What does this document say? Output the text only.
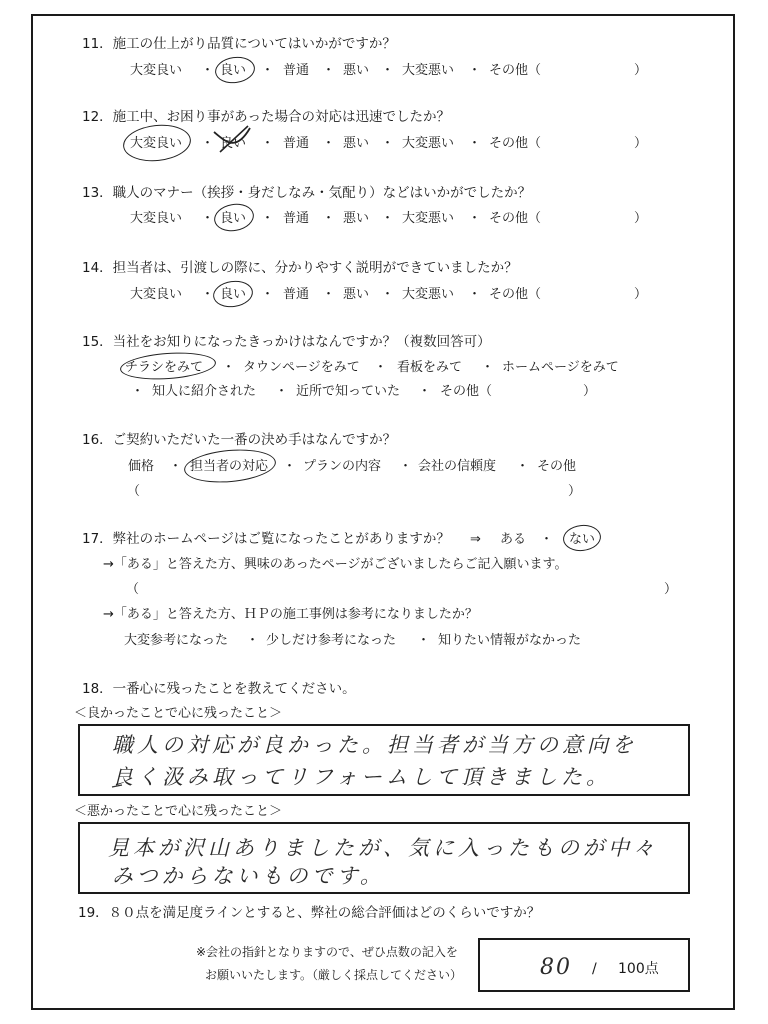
11．施工の仕上がり品質についてはいかがですか？
大変良い ・ 良い ・ 普通 ・ 悪い ・ 大変悪い ・ その他（	）
12．施工中、お困り事があった場合の対応は迅速でしたか？
大変良い ・ 良い ・ 普通 ・ 悪い ・ 大変悪い ・ その他（	）
13．職人のマナー（挨拶・身だしなみ・気配り）などはいかがでしたか？
大変良い ・ 良い ・ 普通 ・ 悪い ・ 大変悪い ・ その他（	）
14．担当者は、引渡しの際に、分かりやすく説明ができていましたか？
大変良い ・ 良い ・ 普通 ・ 悪い ・ 大変悪い ・ その他（	）
15．当社をお知りになったきっかけはなんですか？（複数回答可）
チラシをみて ・ タウンページをみて ・ 看板をみて ・ ホームページをみて
・ 知人に紹介された ・ 近所で知っていた ・ その他（	）
16．ご契約いただいた一番の決め手はなんですか？
価格 ・ 担当者の対応 ・ プランの内容 ・ 会社の信頼度 ・ その他
（	）
17．弊社のホームページはご覧になったことがありますか？ ⇒ ある ・ ない
→「ある」と答えた方、興味のあったページがございましたらご記入願います。
（	）
→「ある」と答えた方、ＨＰの施工事例は参考になりましたか？
大変参考になった ・ 少しだけ参考になった ・ 知りたい情報がなかった
18．一番心に残ったことを教えてください。
＜良かったことで心に残ったこと＞
職人の対応が良かった。担当者が当方の意向を
良く汲み取ってリフォームして頂きました。
＜悪かったことで心に残ったこと＞
見本が沢山ありましたが、気に入ったものが中々
みつからないものです。
19．８０点を満足度ラインとすると、弊社の総合評価はどのくらいですか？
※会社の指針となりますので、ぜひ点数の記入を
お願いいたします。（厳しく採点してください）	80 / 100点
